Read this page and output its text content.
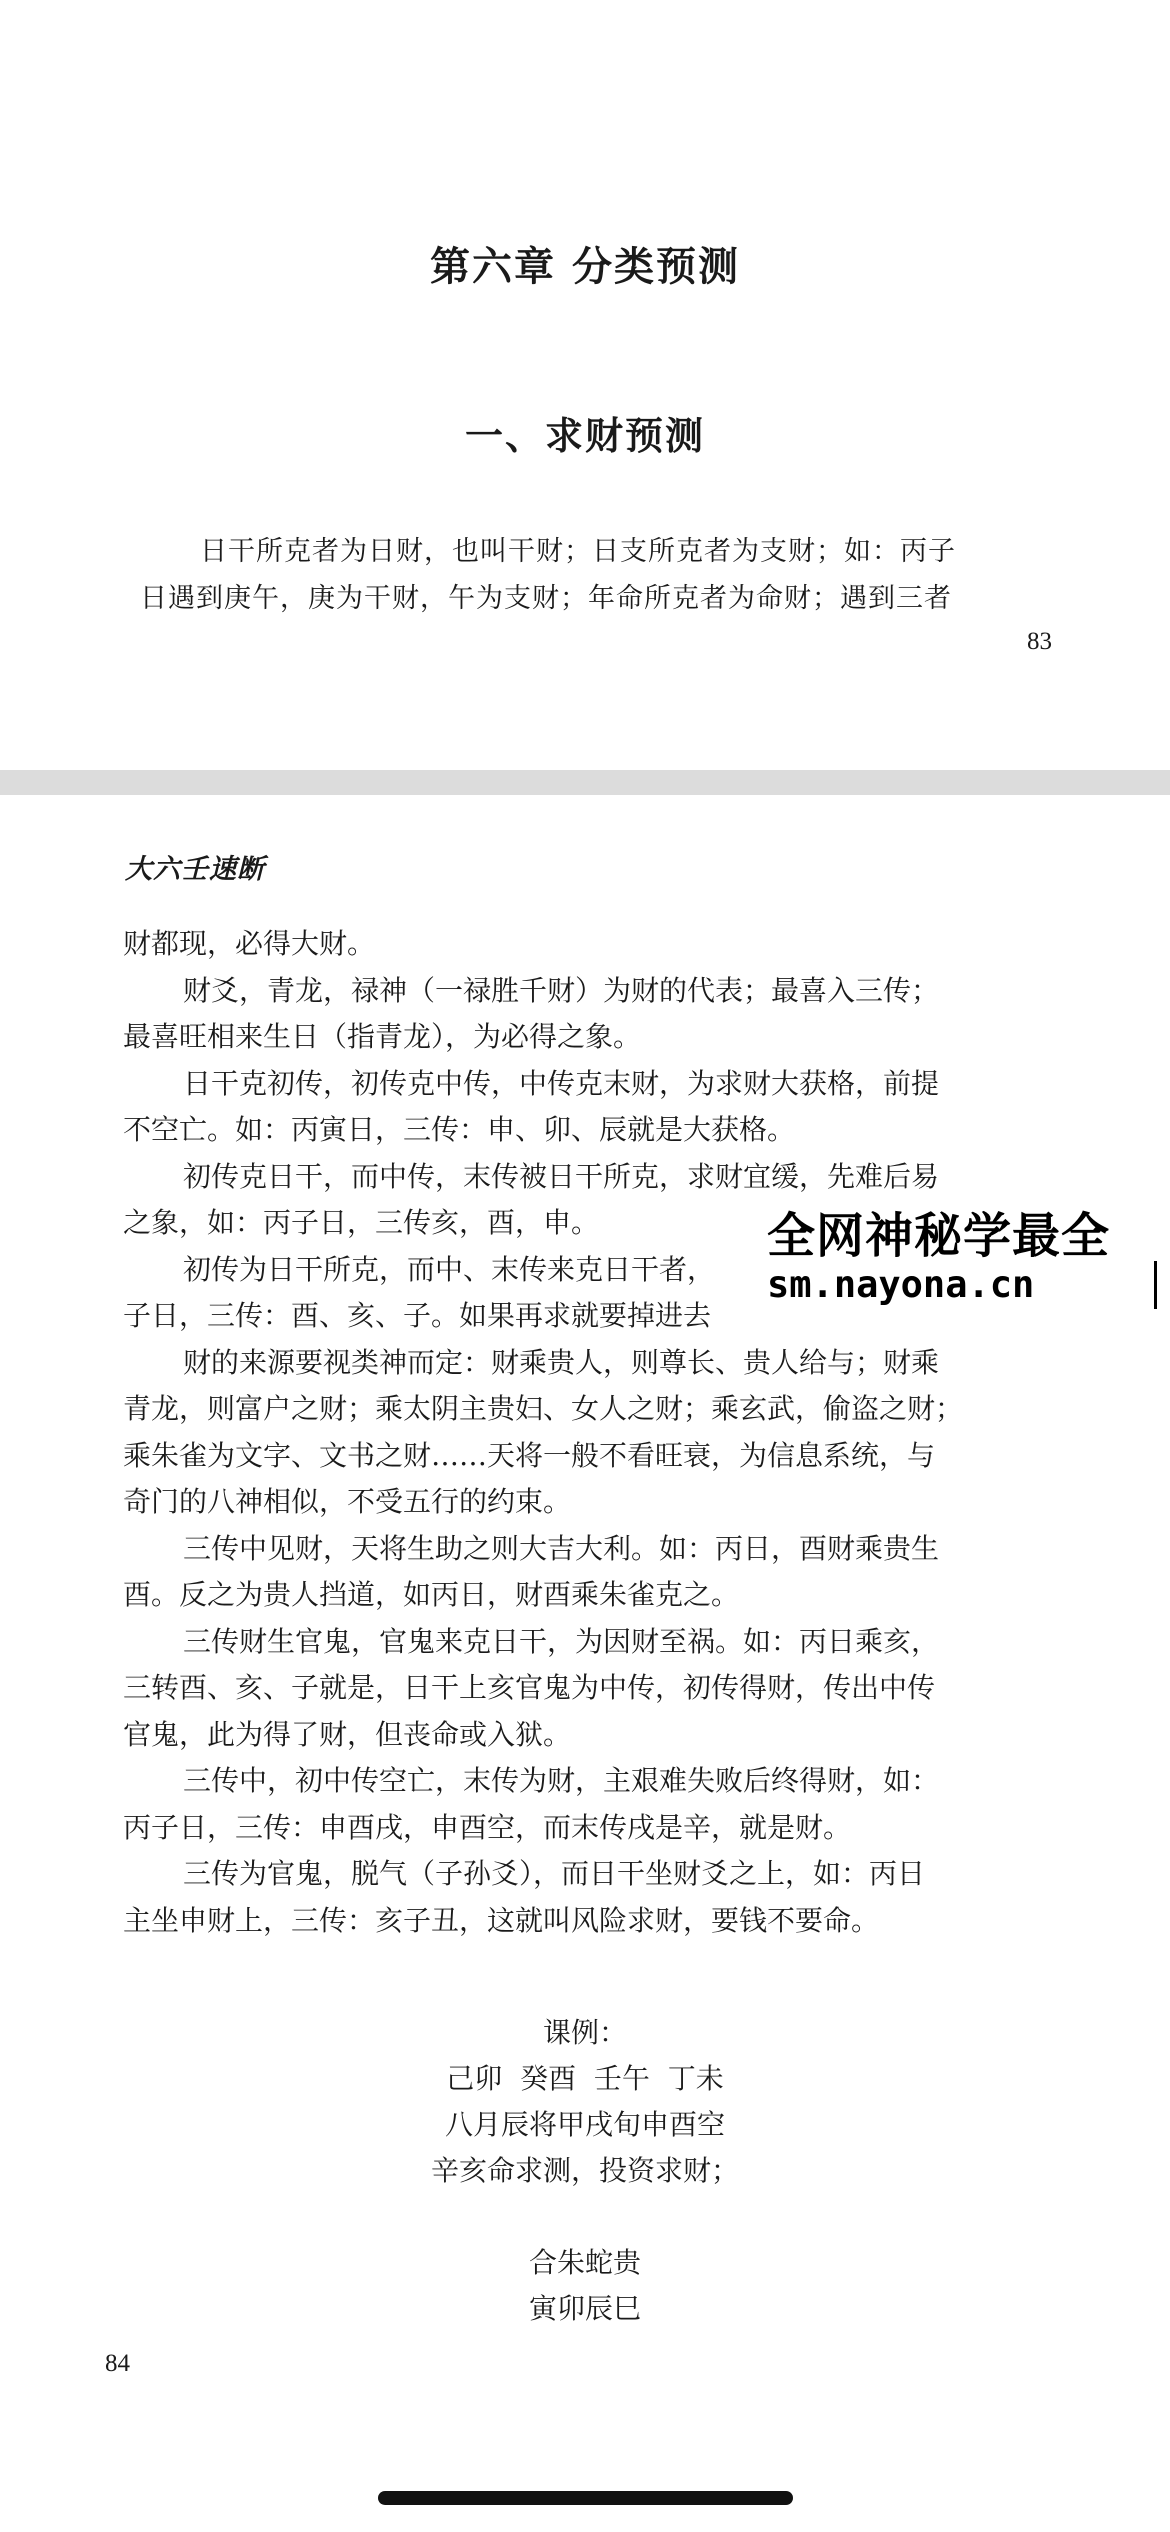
第六章 分类预测
一、求财预测
日干所克者为日财，也叫干财；日支所克者为支财；如：丙子
日遇到庚午，庚为干财，午为支财；年命所克者为命财；遇到三者
83
大六壬速断
财都现，必得大财。
财爻，青龙，禄神（一禄胜千财）为财的代表；最喜入三传；
最喜旺相来生日（指青龙），为必得之象。
日干克初传，初传克中传，中传克末财，为求财大获格，前提
不空亡。如：丙寅日，三传：申、卯、辰就是大获格。
初传克日干，而中传，末传被日干所克，求财宜缓，先难后易
之象，如：丙子日，三传亥，酉，申。
初传为日干所克，而中、末传来克日干者，
子日，三传：酉、亥、子。如果再求就要掉进去
财的来源要视类神而定：财乘贵人，则尊长、贵人给与；财乘
青龙，则富户之财；乘太阴主贵妇、女人之财；乘玄武，偷盗之财；
乘朱雀为文字、文书之财……天将一般不看旺衰，为信息系统，与
奇门的八神相似，不受五行的约束。
三传中见财，天将生助之则大吉大利。如：丙日，酉财乘贵生
酉。反之为贵人挡道，如丙日，财酉乘朱雀克之。
三传财生官鬼，官鬼来克日干，为因财至祸。如：丙日乘亥，
三转酉、亥、子就是，日干上亥官鬼为中传，初传得财，传出中传
官鬼，此为得了财，但丧命或入狱。
三传中，初中传空亡，末传为财，主艰难失败后终得财，如：
丙子日，三传：申酉戌，申酉空，而末传戌是辛，就是财。
三传为官鬼，脱气（子孙爻），而日干坐财爻之上，如：丙日
主坐申财上，三传：亥子丑，这就叫风险求财，要钱不要命。
全网神秘学最全
sm.nayona.cn
课例：
己卯  癸酉  壬午  丁未
八月辰将甲戌旬申酉空
辛亥命求测，投资求财；
合朱蛇贵
寅卯辰巳
84
